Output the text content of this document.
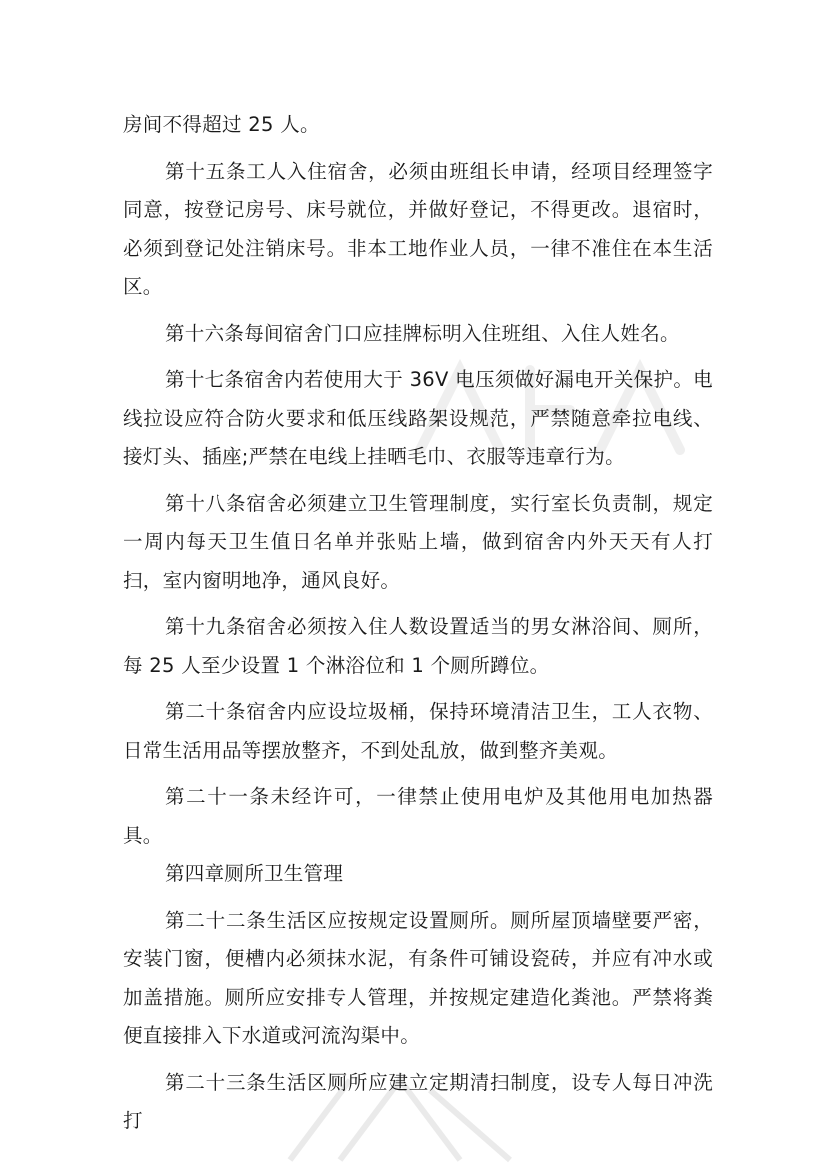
房间不得超过 25 人。

第十五条工人入住宿舍，必须由班组长申请，经项目经理签字同意，按登记房号、床号就位，并做好登记，不得更改。退宿时，必须到登记处注销床号。非本工地作业人员，一律不准住在本生活区。

第十六条每间宿舍门口应挂牌标明入住班组、入住人姓名。

第十七条宿舍内若使用大于 36V 电压须做好漏电开关保护。电线拉设应符合防火要求和低压线路架设规范，严禁随意牵拉电线、接灯头、插座;严禁在电线上挂晒毛巾、衣服等违章行为。

第十八条宿舍必须建立卫生管理制度，实行室长负责制，规定一周内每天卫生值日名单并张贴上墙，做到宿舍内外天天有人打扫，室内窗明地净，通风良好。

第十九条宿舍必须按入住人数设置适当的男女淋浴间、厕所，每 25 人至少设置 1 个淋浴位和 1 个厕所蹲位。

第二十条宿舍内应设垃圾桶，保持环境清洁卫生，工人衣物、日常生活用品等摆放整齐，不到处乱放，做到整齐美观。

第二十一条未经许可，一律禁止使用电炉及其他用电加热器具。

第四章厕所卫生管理

第二十二条生活区应按规定设置厕所。厕所屋顶墙壁要严密，安装门窗，便槽内必须抹水泥，有条件可铺设瓷砖，并应有冲水或加盖措施。厕所应安排专人管理，并按规定建造化粪池。严禁将粪便直接排入下水道或河流沟渠中。

第二十三条生活区厕所应建立定期清扫制度，设专人每日冲洗打
